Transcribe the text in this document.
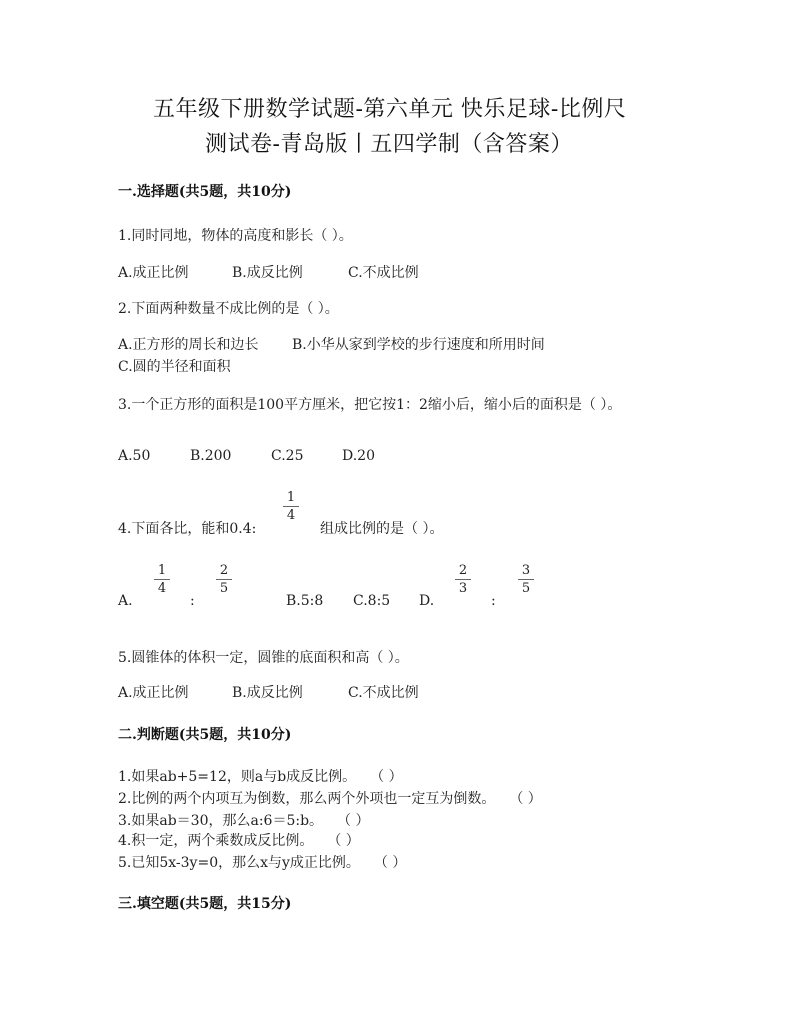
五年级下册数学试题-第六单元 快乐足球-比例尺
测试卷-青岛版丨五四学制（含答案）
一.选择题(共5题，共10分)
1.同时同地，物体的高度和影长（ ）。
A.成正比例	B.成反比例	C.不成比例
2.下面两种数量不成比例的是（ ）。
A.正方形的周长和边长 B.小华从家到学校的步行速度和所用时间
C.圆的半径和面积
3.一个正方形的面积是100平方厘米，把它按1：2缩小后，缩小后的面积是（ ）。
A.50	B.200	C.25	D.20
4.下面各比，能和0.4:
1
4
组成比例的是（ ）。
A.
1
4
:
2
5
B.5:8 C.8:5 D.
2
3
:
3
5
5.圆锥体的体积一定，圆锥的底面积和高（ ）。
A.成正比例	B.成反比例	C.不成比例
二.判断题(共5题，共10分)
1.如果ab+5=12，则a与b成反比例。　　（ ）
2.比例的两个内项互为倒数，那么两个外项也一定互为倒数。　　（ ）
3.如果ab＝30，那么a:6＝5:b。　　（ ）
4.积一定，两个乘数成反比例。　　（ ）
5.已知5x-3y=0，那么x与y成正比例。　　（ ）
三.填空题(共5题，共15分)
